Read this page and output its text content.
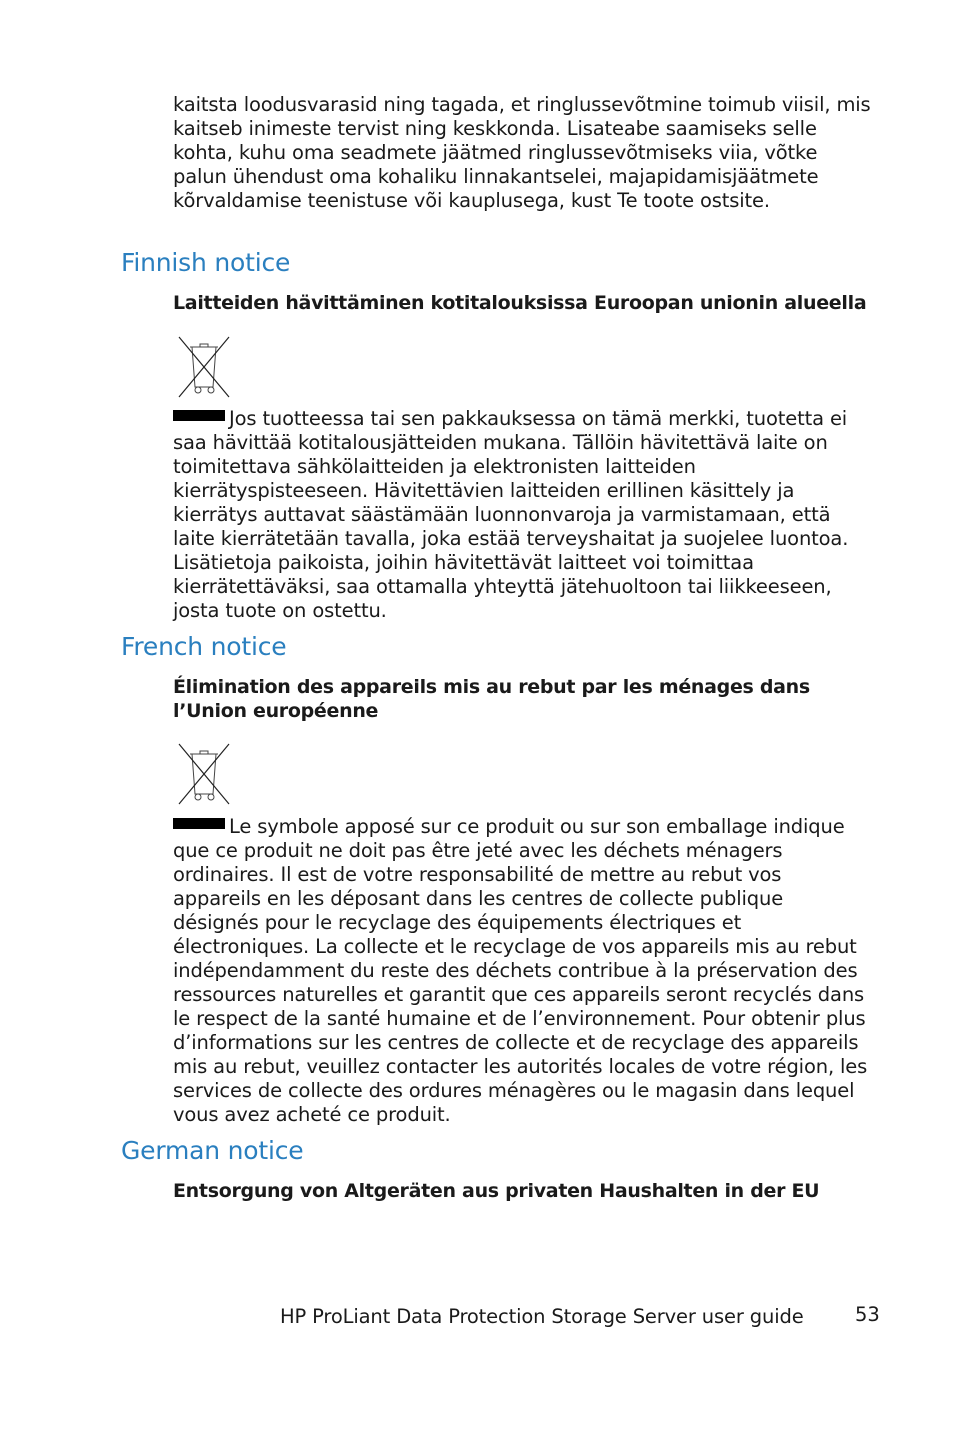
kaitsta loodusvarasid ning tagada, et ringlussevõtmine toimub viisil, mis kaitseb inimeste tervist ning keskkonda. Lisateabe saamiseks selle kohta, kuhu oma seadmete jäätmed ringlussevõtmiseks viia, võtke palun ühendust oma kohaliku linnakantselei, majapidamisjäätmete kõrvaldamise teenistuse või kauplusega, kust Te toote ostsite.
Finnish notice
Laitteiden hävittäminen kotitalouksissa Euroopan unionin alueella
Jos tuotteessa tai sen pakkauksessa on tämä merkki, tuotetta ei saa hävittää kotitalousjätteiden mukana. Tällöin hävitettävä laite on toimitettava sähkölaitteiden ja elektronisten laitteiden kierrätyspisteeseen. Hävitettävien laitteiden erillinen käsittely ja kierrätys auttavat säästämään luonnonvaroja ja varmistamaan, että laite kierrätetään tavalla, joka estää terveyshaitat ja suojelee luontoa. Lisätietoja paikoista, joihin hävitettävät laitteet voi toimittaa kierrätettäväksi, saa ottamalla yhteyttä jätehuoltoon tai liikkeeseen, josta tuote on ostettu.
French notice
Élimination des appareils mis au rebut par les ménages dans l’Union européenne
Le symbole apposé sur ce produit ou sur son emballage indique que ce produit ne doit pas être jeté avec les déchets ménagers ordinaires. Il est de votre responsabilité de mettre au rebut vos appareils en les déposant dans les centres de collecte publique désignés pour le recyclage des équipements électriques et électroniques. La collecte et le recyclage de vos appareils mis au rebut indépendamment du reste des déchets contribue à la préservation des ressources naturelles et garantit que ces appareils seront recyclés dans le respect de la santé humaine et de l’environnement. Pour obtenir plus d’informations sur les centres de collecte et de recyclage des appareils mis au rebut, veuillez contacter les autorités locales de votre région, les services de collecte des ordures ménagères ou le magasin dans lequel vous avez acheté ce produit.
German notice
Entsorgung von Altgeräten aus privaten Haushalten in der EU
HP ProLiant Data Protection Storage Server user guide	53
